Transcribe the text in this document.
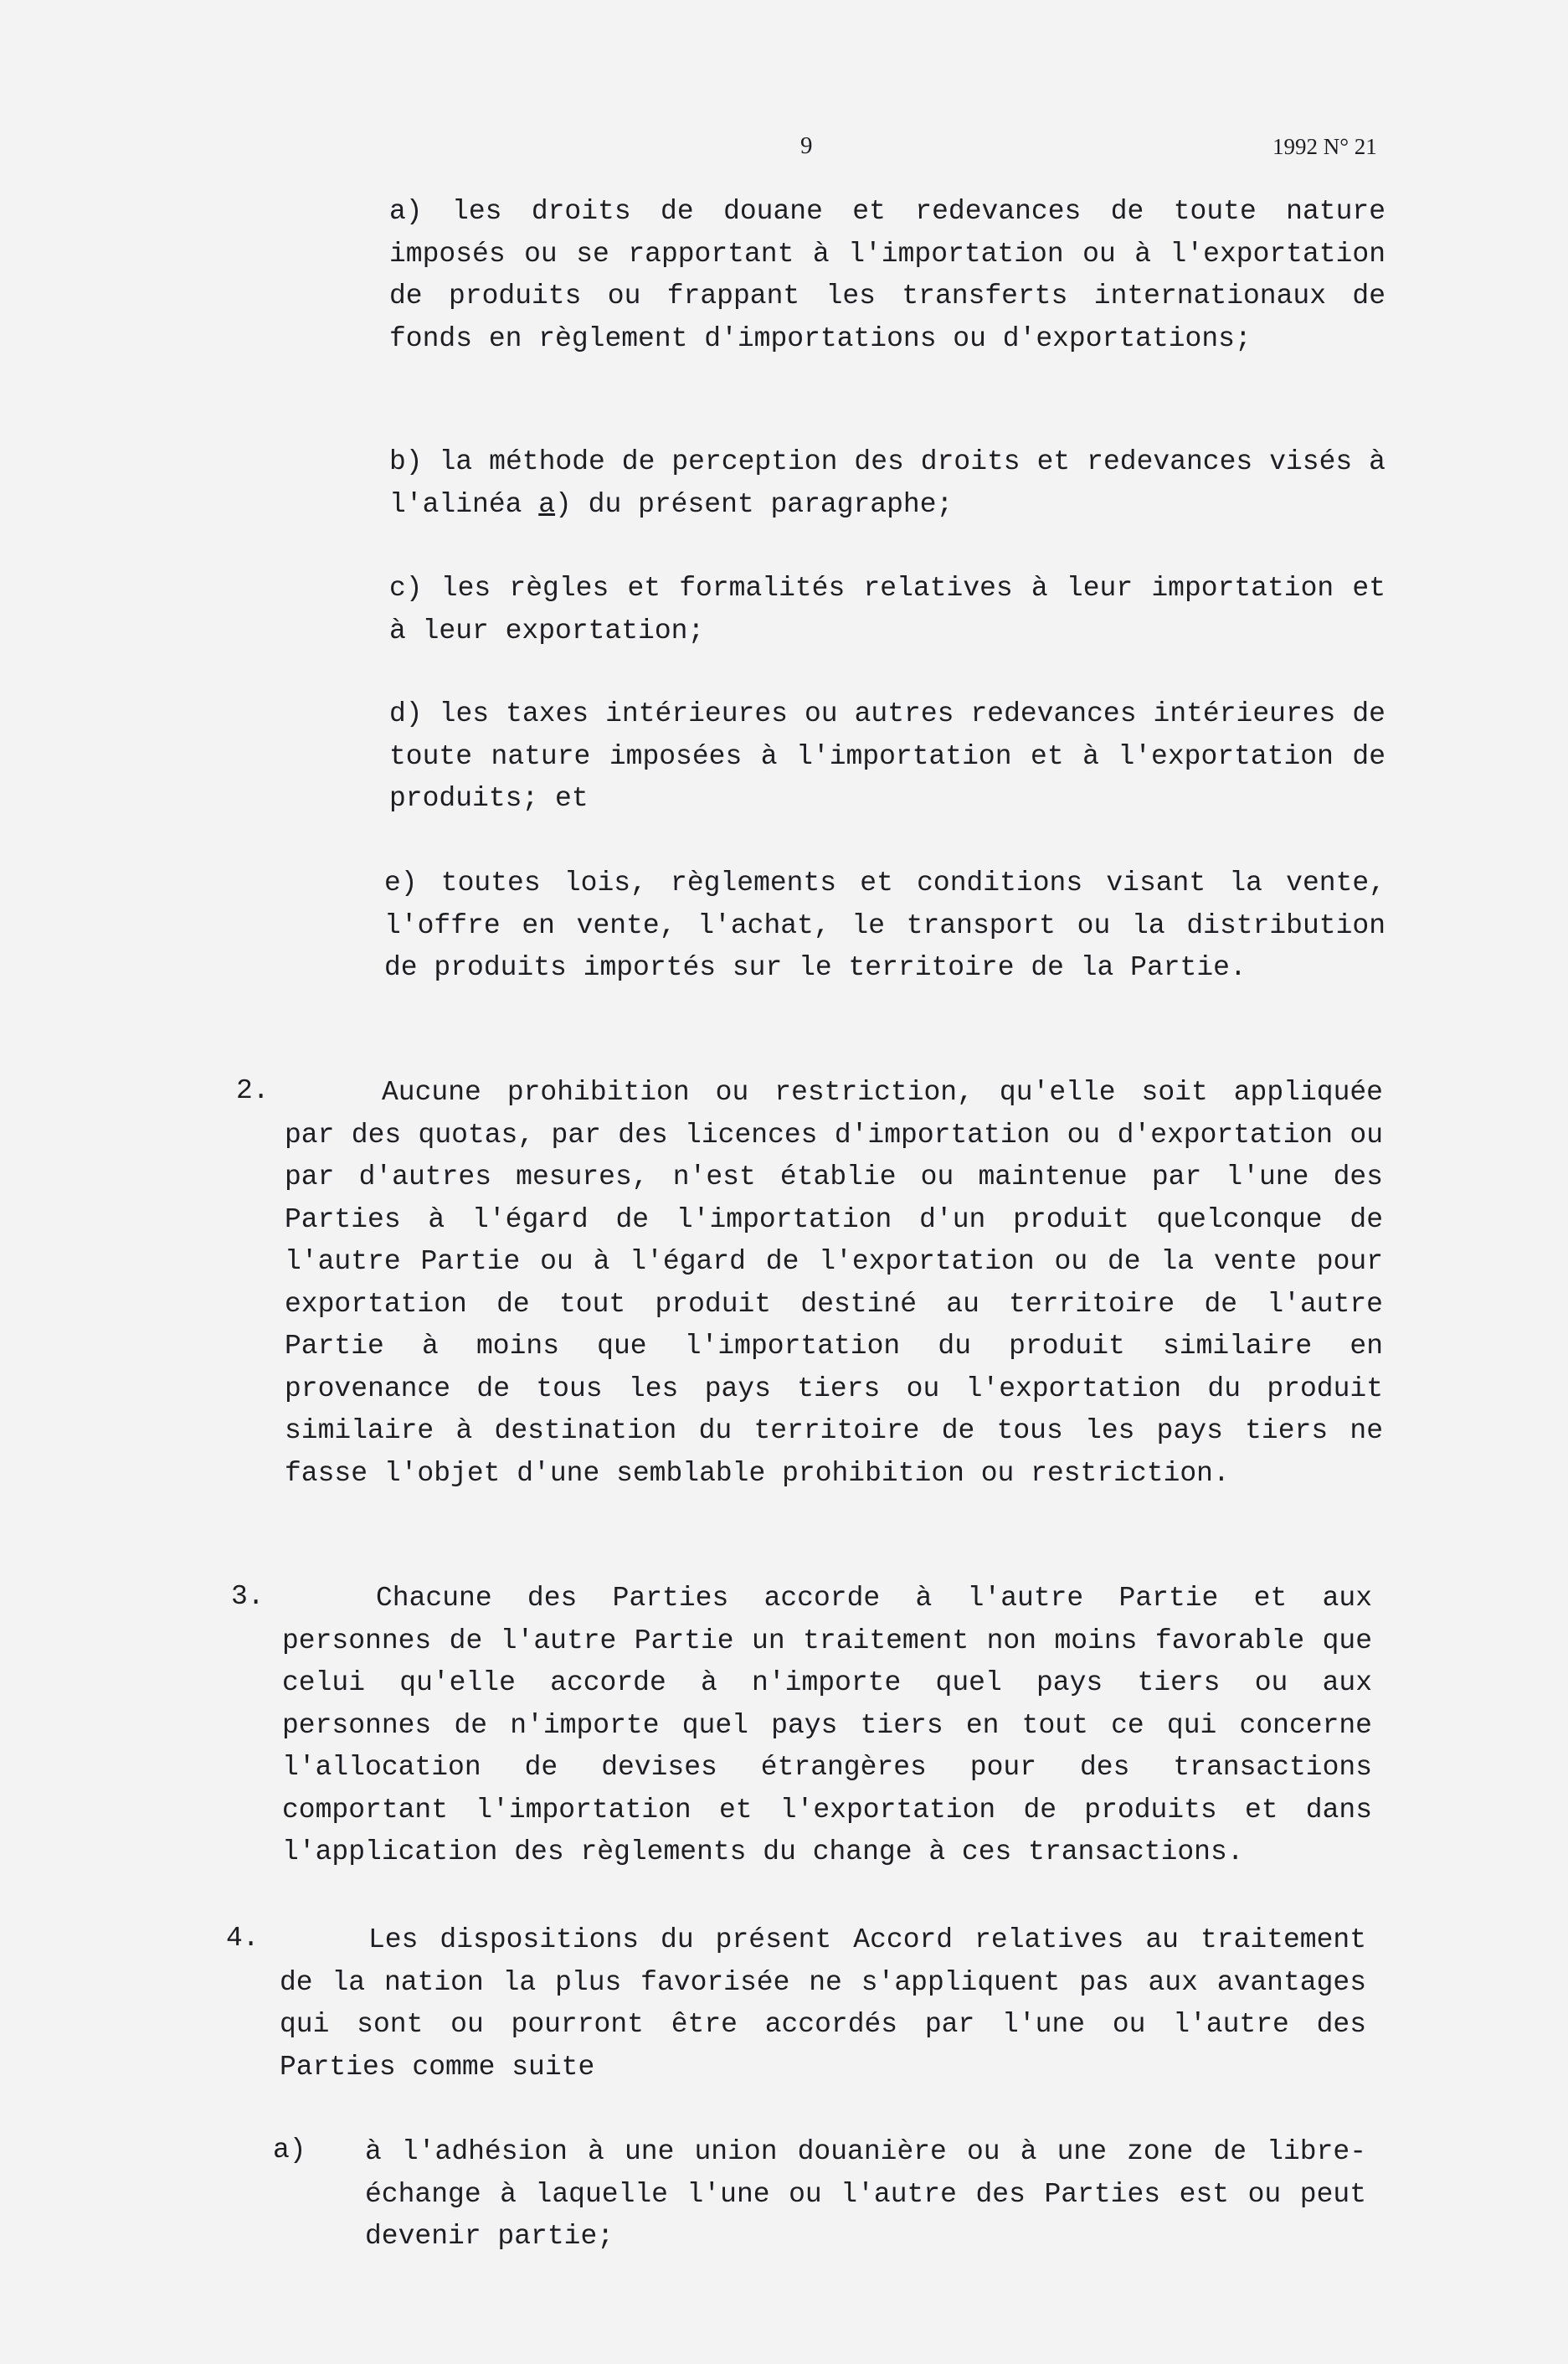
9	1992 N° 21

a) les droits de douane et redevances de toute nature imposés ou se rapportant à l'importation ou à l'exportation de produits ou frappant les transferts internationaux de fonds en règlement d'importations ou d'exportations;

b) la méthode de perception des droits et redevances visés à l'alinéa a) du présent paragraphe;

c) les règles et formalités relatives à leur importation et à leur exportation;

d) les taxes intérieures ou autres redevances intérieures de toute nature imposées à l'importation et à l'exportation de produits; et

e) toutes lois, règlements et conditions visant la vente, l'offre en vente, l'achat, le transport ou la distribution de produits importés sur le territoire de la Partie.

2.	Aucune prohibition ou restriction, qu'elle soit appliquée par des quotas, par des licences d'importation ou d'exportation ou par d'autres mesures, n'est établie ou maintenue par l'une des Parties à l'égard de l'importation d'un produit quelconque de l'autre Partie ou à l'égard de l'exportation ou de la vente pour exportation de tout produit destiné au territoire de l'autre Partie à moins que l'importation du produit similaire en provenance de tous les pays tiers ou l'exportation du produit similaire à destination du territoire de tous les pays tiers ne fasse l'objet d'une semblable prohibition ou restriction.

3.	Chacune des Parties accorde à l'autre Partie et aux personnes de l'autre Partie un traitement non moins favorable que celui qu'elle accorde à n'importe quel pays tiers ou aux personnes de n'importe quel pays tiers en tout ce qui concerne l'allocation de devises étrangères pour des transactions comportant l'importation et l'exportation de produits et dans l'application des règlements du change à ces transactions.

4.	Les dispositions du présent Accord relatives au traitement de la nation la plus favorisée ne s'appliquent pas aux avantages qui sont ou pourront être accordés par l'une ou l'autre des Parties comme suite

a) à l'adhésion à une union douanière ou à une zone de libre-échange à laquelle l'une ou l'autre des Parties est ou peut devenir partie;
